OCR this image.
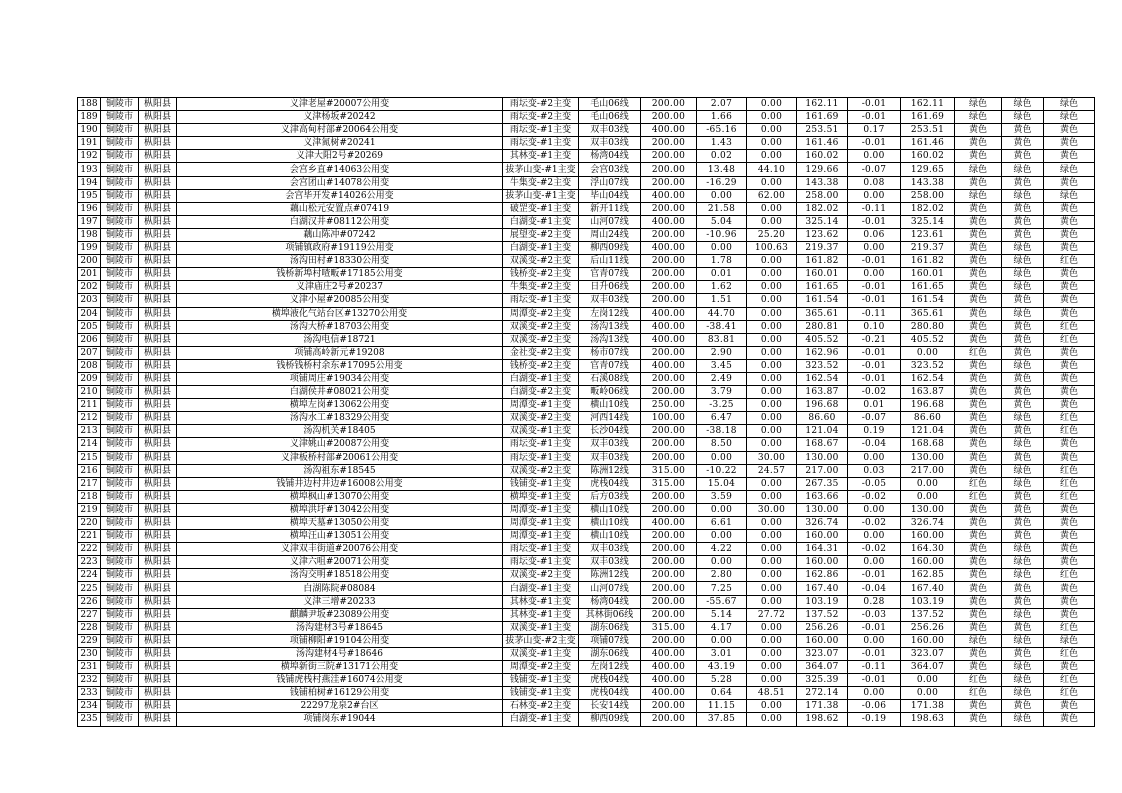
188	铜陵市	枞阳县	义津老屋#20007公用变	雨坛变-#2主变	毛山06线	200.00	2.07	0.00	162.11	-0.01	162.11	绿色	绿色	绿色
189	铜陵市	枞阳县	义津杨坂#20242	雨坛变-#2主变	毛山06线	200.00	1.66	0.00	161.69	-0.01	161.69	绿色	绿色	绿色
190	铜陵市	枞阳县	义津高甸村部#20064公用变	雨坛变-#1主变	双丰03线	400.00	-65.16	0.00	253.51	0.17	253.51	黄色	黄色	黄色
191	铜陵市	枞阳县	义津氮树#20241	雨坛变-#1主变	双丰03线	200.00	1.43	0.00	161.46	-0.01	161.46	黄色	黄色	黄色
192	铜陵市	枞阳县	义津大阳2号#20269	其林变-#1主变	杨湾04线	200.00	0.02	0.00	160.02	0.00	160.02	黄色	黄色	黄色
193	铜陵市	枞阳县	会宫乡直#14063公用变	拔茅山变-#1主变	会宫03线	200.00	13.48	44.10	129.66	-0.07	129.65	绿色	绿色	绿色
194	铜陵市	枞阳县	会宫团山#14078公用变	牛集变-#2主变	浮山07线	200.00	-16.29	0.00	143.38	0.08	143.38	黄色	黄色	黄色
195	铜陵市	枞阳县	会宫毕开发#14026公用变	拔茅山变-#1主变	毕山04线	400.00	0.00	62.00	258.00	0.00	258.00	绿色	绿色	绿色
196	铜陵市	枞阳县	藕山松元安置点#07419	破罡变-#1主变	新开11线	200.00	21.58	0.00	182.02	-0.11	182.02	黄色	黄色	黄色
197	铜陵市	枞阳县	白湖汉井#08112公用变	白湖变-#1主变	山河07线	400.00	5.04	0.00	325.14	-0.01	325.14	黄色	黄色	黄色
198	铜陵市	枞阳县	藕山陈冲#07242	展望变-#2主变	周山24线	200.00	-10.96	25.20	123.62	0.06	123.61	黄色	黄色	黄色
199	铜陵市	枞阳县	项铺镇政府#19119公用变	白湖变-#1主变	柳西09线	400.00	0.00	100.63	219.37	0.00	219.37	黄色	绿色	黄色
200	铜陵市	枞阳县	汤沟田村#18330公用变	双溪变-#2主变	后山11线	200.00	1.78	0.00	161.82	-0.01	161.82	黄色	绿色	红色
201	铜陵市	枞阳县	钱桥新埠村喳畈#17185公用变	钱桥变-#2主变	官青07线	200.00	0.01	0.00	160.01	0.00	160.01	黄色	绿色	黄色
202	铜陵市	枞阳县	义津庙庄2号#20237	牛集变-#2主变	日升06线	200.00	1.62	0.00	161.65	-0.01	161.65	黄色	绿色	黄色
203	铜陵市	枞阳县	义津小屋#20085公用变	雨坛变-#1主变	双丰03线	200.00	1.51	0.00	161.54	-0.01	161.54	黄色	黄色	黄色
204	铜陵市	枞阳县	横埠液化气站台区#13270公用变	周潭变-#2主变	左岗12线	400.00	44.70	0.00	365.61	-0.11	365.61	黄色	绿色	黄色
205	铜陵市	枞阳县	汤沟大桥#18703公用变	双溪变-#2主变	汤沟13线	400.00	-38.41	0.00	280.81	0.10	280.80	黄色	黄色	红色
206	铜陵市	枞阳县	汤沟电信#18721	双溪变-#2主变	汤沟13线	400.00	83.81	0.00	405.52	-0.21	405.52	黄色	黄色	红色
207	铜陵市	枞阳县	项铺高岭新元#19208	金社变-#2主变	杨市07线	200.00	2.90	0.00	162.96	-0.01	0.00	红色	黄色	黄色
208	铜陵市	枞阳县	钱桥钱桥村余东#17095公用变	钱桥变-#2主变	官青07线	400.00	3.45	0.00	323.52	-0.01	323.52	黄色	绿色	黄色
209	铜陵市	枞阳县	项铺周庄#19034公用变	白湖变-#1主变	石溪08线	200.00	2.49	0.00	162.54	-0.01	162.54	黄色	黄色	黄色
210	铜陵市	枞阳县	白湖侯井#08021公用变	白湖变-#2主变	畈岭06线	200.00	3.79	0.00	163.87	-0.02	163.87	黄色	黄色	黄色
211	铜陵市	枞阳县	横埠左岗#13062公用变	周潭变-#1主变	横山10线	250.00	-3.25	0.00	196.68	0.01	196.68	黄色	黄色	黄色
212	铜陵市	枞阳县	汤沟水工#18329公用变	双溪变-#2主变	河西14线	100.00	6.47	0.00	86.60	-0.07	86.60	黄色	绿色	红色
213	铜陵市	枞阳县	汤沟机关#18405	双溪变-#1主变	长沙04线	200.00	-38.18	0.00	121.04	0.19	121.04	黄色	黄色	红色
214	铜陵市	枞阳县	义津姚山#20087公用变	雨坛变-#1主变	双丰03线	200.00	8.50	0.00	168.67	-0.04	168.68	黄色	绿色	黄色
215	铜陵市	枞阳县	义津板桥村部#20061公用变	雨坛变-#1主变	双丰03线	200.00	0.00	30.00	130.00	0.00	130.00	黄色	黄色	黄色
216	铜陵市	枞阳县	汤沟祖东#18545	双溪变-#2主变	陈洲12线	315.00	-10.22	24.57	217.00	0.03	217.00	黄色	绿色	红色
217	铜陵市	枞阳县	钱铺井边村井边#16008公用变	钱铺变-#1主变	虎栈04线	315.00	15.04	0.00	267.35	-0.05	0.00	红色	绿色	红色
218	铜陵市	枞阳县	横埠枫山#13070公用变	横埠变-#1主变	后方03线	200.00	3.59	0.00	163.66	-0.02	0.00	红色	黄色	红色
219	铜陵市	枞阳县	横埠洪圩#13042公用变	周潭变-#1主变	横山10线	200.00	0.00	30.00	130.00	0.00	130.00	黄色	黄色	黄色
220	铜陵市	枞阳县	横埠天墓#13050公用变	周潭变-#1主变	横山10线	400.00	6.61	0.00	326.74	-0.02	326.74	黄色	黄色	黄色
221	铜陵市	枞阳县	横埠汪山#13051公用变	周潭变-#1主变	横山10线	200.00	0.00	0.00	160.00	0.00	160.00	黄色	黄色	黄色
222	铜陵市	枞阳县	义津双丰街道#20076公用变	雨坛变-#1主变	双丰03线	200.00	4.22	0.00	164.31	-0.02	164.30	黄色	绿色	黄色
223	铜陵市	枞阳县	义津六咀#20071公用变	雨坛变-#1主变	双丰03线	200.00	0.00	0.00	160.00	0.00	160.00	黄色	绿色	黄色
224	铜陵市	枞阳县	汤沟交明#18518公用变	双溪变-#2主变	陈洲12线	200.00	2.80	0.00	162.86	-0.01	162.85	黄色	绿色	红色
225	铜陵市	枞阳县	白湖陈院#08084	白湖变-#1主变	山河07线	200.00	7.25	0.00	167.40	-0.04	167.40	黄色	黄色	黄色
226	铜陵市	枞阳县	义津三增#20233	其林变-#1主变	杨湾04线	200.00	-55.67	0.00	103.19	0.28	103.19	黄色	黄色	黄色
227	铜陵市	枞阳县	麒麟尹坂#23089公用变	其林变-#1主变	其林街06线	200.00	5.14	27.72	137.52	-0.03	137.52	黄色	绿色	黄色
228	铜陵市	枞阳县	汤沟建材3号#18645	双溪变-#1主变	湖东06线	315.00	4.17	0.00	256.26	-0.01	256.26	黄色	黄色	红色
229	铜陵市	枞阳县	项铺柳阳#19104公用变	拔茅山变-#2主变	项铺07线	200.00	0.00	0.00	160.00	0.00	160.00	绿色	绿色	绿色
230	铜陵市	枞阳县	汤沟建材4号#18646	双溪变-#1主变	湖东06线	400.00	3.01	0.00	323.07	-0.01	323.07	黄色	黄色	红色
231	铜陵市	枞阳县	横埠新街三院#13171公用变	周潭变-#2主变	左岗12线	400.00	43.19	0.00	364.07	-0.11	364.07	黄色	绿色	黄色
232	铜陵市	枞阳县	钱铺虎栈村燕洼#16074公用变	钱铺变-#1主变	虎栈04线	400.00	5.28	0.00	325.39	-0.01	0.00	红色	绿色	红色
233	铜陵市	枞阳县	钱铺柏树#16129公用变	钱铺变-#1主变	虎栈04线	400.00	0.64	48.51	272.14	0.00	0.00	红色	绿色	红色
234	铜陵市	枞阳县	22297龙泉2#台区	石林变-#2主变	长安14线	200.00	11.15	0.00	171.38	-0.06	171.38	黄色	黄色	黄色
235	铜陵市	枞阳县	项铺岗东#19044	白湖变-#1主变	柳西09线	200.00	37.85	0.00	198.62	-0.19	198.63	黄色	绿色	黄色
